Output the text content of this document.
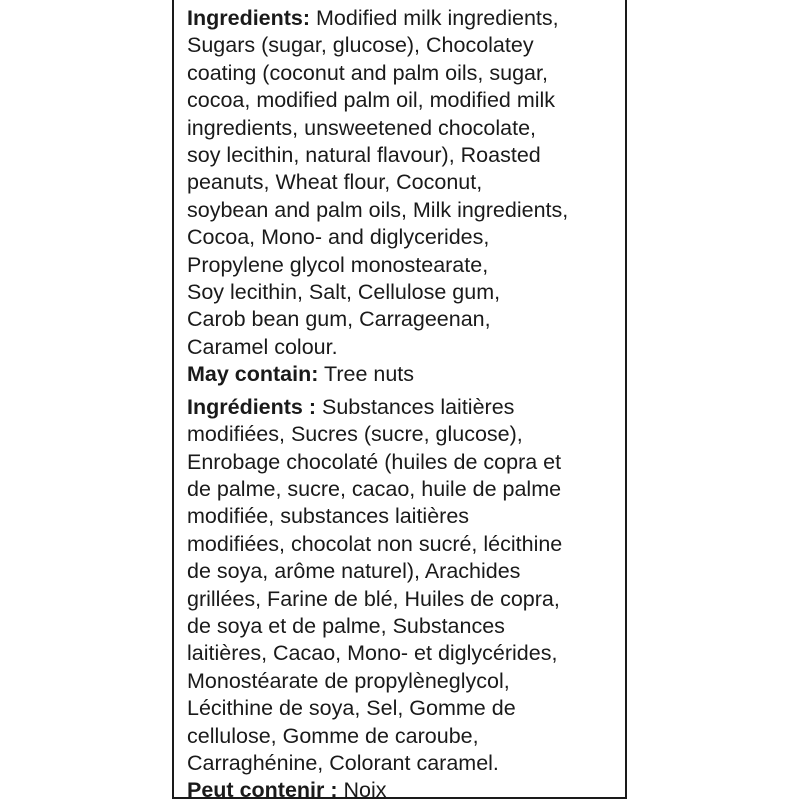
Ingredients: Modified milk ingredients,
Sugars (sugar, glucose), Chocolatey
coating (coconut and palm oils, sugar,
cocoa, modified palm oil, modified milk
ingredients, unsweetened chocolate,
soy lecithin, natural flavour), Roasted
peanuts, Wheat flour, Coconut,
soybean and palm oils, Milk ingredients,
Cocoa, Mono- and diglycerides,
Propylene glycol monostearate,
Soy lecithin, Salt, Cellulose gum,
Carob bean gum, Carrageenan,
Caramel colour.
May contain: Tree nuts
Ingrédients : Substances laitières
modifiées, Sucres (sucre, glucose),
Enrobage chocolaté (huiles de copra et
de palme, sucre, cacao, huile de palme
modifiée, substances laitières
modifiées, chocolat non sucré, lécithine
de soya, arôme naturel), Arachides
grillées, Farine de blé, Huiles de copra,
de soya et de palme, Substances
laitières, Cacao, Mono- et diglycérides,
Monostéarate de propylèneglycol,
Lécithine de soya, Sel, Gomme de
cellulose, Gomme de caroube,
Carraghénine, Colorant caramel.
Peut contenir : Noix
